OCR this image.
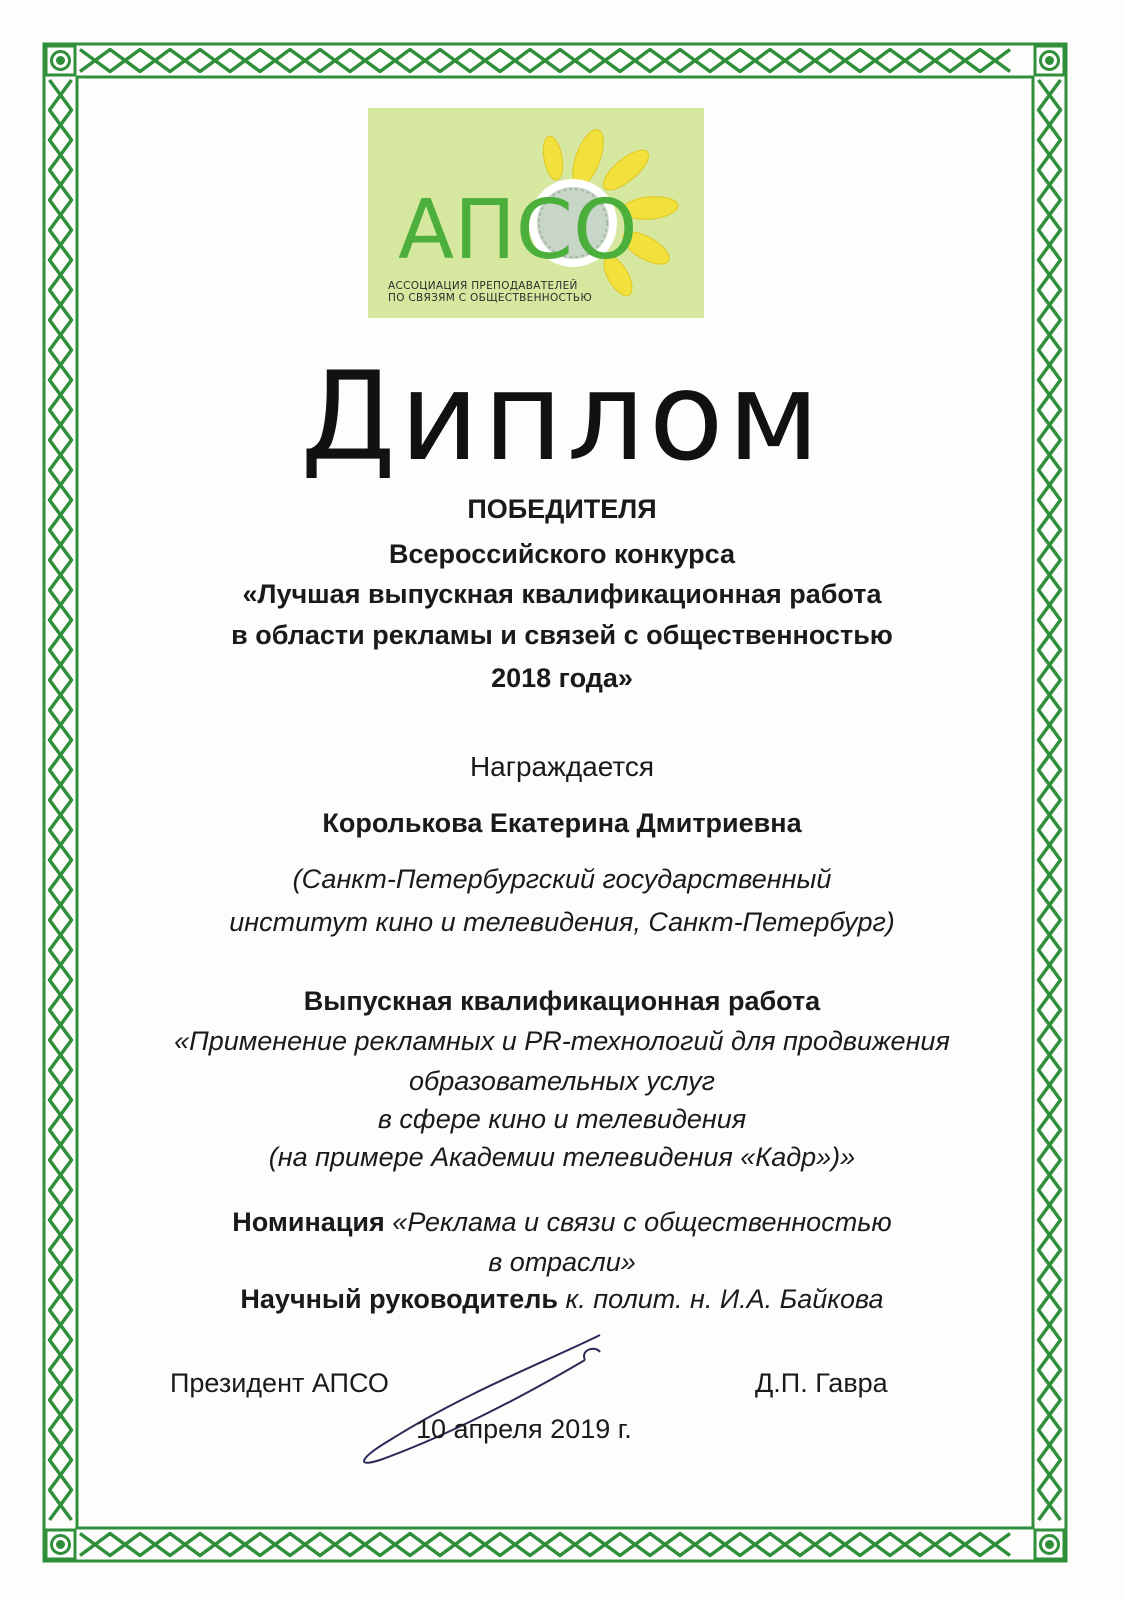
АПСО
АССОЦИАЦИЯ ПРЕПОДАВАТЕЛЕЙ
ПО СВЯЗЯМ С ОБЩЕСТВЕННОСТЬЮ
Диплом
ПОБЕДИТЕЛЯ
Всероссийского конкурса
«Лучшая выпускная квалификационная работа
в области рекламы и связей с общественностью
2018 года»
Награждается
Королькова Екатерина Дмитриевна
(Санкт-Петербургский государственный
институт кино и телевидения, Санкт-Петербург)
Выпускная квалификационная работа
«Применение рекламных и PR-технологий для продвижения
образовательных услуг
в сфере кино и телевидения
(на примере Академии телевидения «Кадр»)»
Номинация «Реклама и связи с общественностью
в отрасли»
Научный руководитель к. полит. н. И.А. Байкова
Президент АПСО	Д.П. Гавра
10 апреля 2019 г.
